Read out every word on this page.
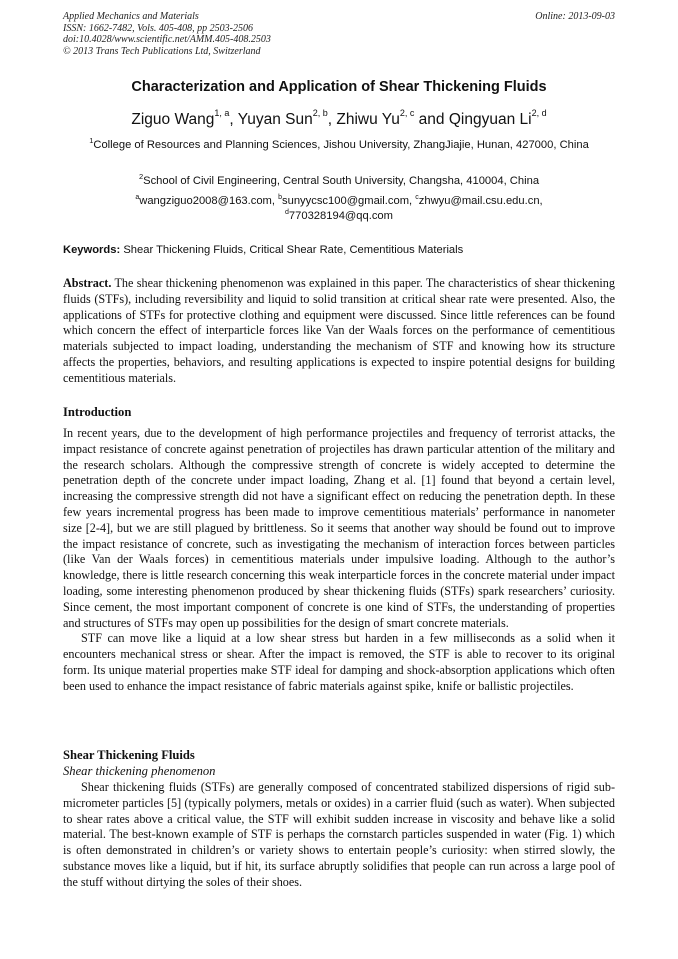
Applied Mechanics and Materials
ISSN: 1662-7482, Vols. 405-408, pp 2503-2506
doi:10.4028/www.scientific.net/AMM.405-408.2503
© 2013 Trans Tech Publications Ltd, Switzerland
Online: 2013-09-03
Characterization and Application of Shear Thickening Fluids
Ziguo Wang$^{1, a}$, Yuyan Sun$^{2, b}$, Zhiwu Yu$^{2, c}$ and Qingyuan Li$^{2, d}$
$^1$College of Resources and Planning Sciences, Jishou University, ZhangJiajie, Hunan, 427000, China
$^2$School of Civil Engineering, Central South University, Changsha, 410004, China
$^a$wangziguo2008@163.com, $^b$sunyycsc100@gmail.com, $^c$zhwyu@mail.csu.edu.cn,
$^d$770328194@qq.com
Keywords: Shear Thickening Fluids, Critical Shear Rate, Cementitious Materials

Abstract. The shear thickening phenomenon was explained in this paper. The characteristics of shear thickening fluids (STFs), including reversibility and liquid to solid transition at critical shear rate were presented. Also, the applications of STFs for protective clothing and equipment were discussed. Since little references can be found which concern the effect of interparticle forces like Van der Waals forces on the performance of cementitious materials subjected to impact loading, understanding the mechanism of STF and knowing how its structure affects the properties, behaviors, and resulting applications is expected to inspire potential designs for building cementitious materials.

Introduction

In recent years, due to the development of high performance projectiles and frequency of terrorist attacks, the impact resistance of concrete against penetration of projectiles has drawn particular attention of the military and the research scholars. Although the compressive strength of concrete is widely accepted to determine the penetration depth of the concrete under impact loading, Zhang et al. [1] found that beyond a certain level, increasing the compressive strength did not have a significant effect on reducing the penetration depth. In these few years incremental progress has been made to improve cementitious materials’ performance in nanometer size [2-4], but we are still plagued by brittleness. So it seems that another way should be found out to improve the impact resistance of concrete, such as investigating the mechanism of interaction forces between particles (like Van der Waals forces) in cementitious materials under impulsive loading. Although to the author’s knowledge, there is little research concerning this weak interparticle forces in the concrete material under impact loading, some interesting phenomenon produced by shear thickening fluids (STFs) spark researchers’ curiosity. Since cement, the most important component of concrete is one kind of STFs, the understanding of properties and structures of STFs may open up possibilities for the design of smart concrete materials.

STF can move like a liquid at a low shear stress but harden in a few milliseconds as a solid when it encounters mechanical stress or shear. After the impact is removed, the STF is able to recover to its original form. Its unique material properties make STF ideal for damping and shock-absorption applications which often been used to enhance the impact resistance of fabric materials against spike, knife or ballistic projectiles.

Shear Thickening Fluids
Shear thickening phenomenon

Shear thickening fluids (STFs) are generally composed of concentrated stabilized dispersions of rigid sub-micrometer particles [5] (typically polymers, metals or oxides) in a carrier fluid (such as water). When subjected to shear rates above a critical value, the STF will exhibit sudden increase in viscosity and behave like a solid material. The best-known example of STF is perhaps the cornstarch particles suspended in water (Fig. 1) which is often demonstrated in children’s or variety shows to entertain people’s curiosity: when stirred slowly, the substance moves like a liquid, but if hit, its surface abruptly solidifies that people can run across a large pool of the stuff without dirtying the soles of their shoes.
